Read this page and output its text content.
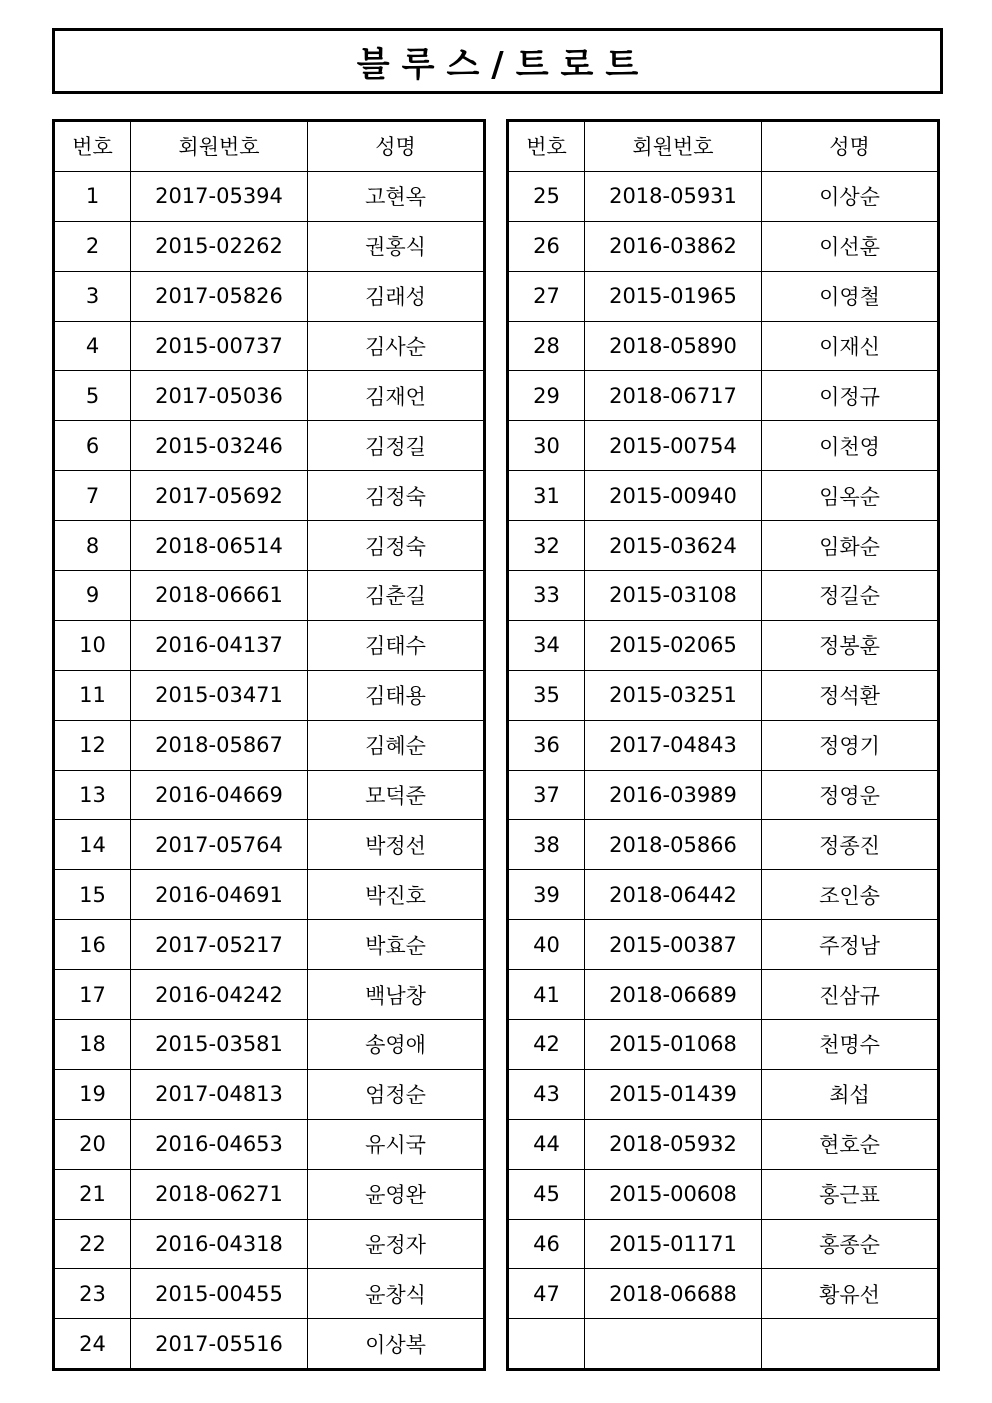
블루스/트로트
번호	회원번호	성명
1	2017-05394	고현옥
2	2015-02262	권홍식
3	2017-05826	김래성
4	2015-00737	김사순
5	2017-05036	김재언
6	2015-03246	김정길
7	2017-05692	김정숙
8	2018-06514	김정숙
9	2018-06661	김춘길
10	2016-04137	김태수
11	2015-03471	김태용
12	2018-05867	김혜순
13	2016-04669	모덕준
14	2017-05764	박정선
15	2016-04691	박진호
16	2017-05217	박효순
17	2016-04242	백남창
18	2015-03581	송영애
19	2017-04813	엄정순
20	2016-04653	유시국
21	2018-06271	윤영완
22	2016-04318	윤정자
23	2015-00455	윤창식
24	2017-05516	이상복
번호	회원번호	성명
25	2018-05931	이상순
26	2016-03862	이선훈
27	2015-01965	이영철
28	2018-05890	이재신
29	2018-06717	이정규
30	2015-00754	이천영
31	2015-00940	임옥순
32	2015-03624	임화순
33	2015-03108	정길순
34	2015-02065	정봉훈
35	2015-03251	정석환
36	2017-04843	정영기
37	2016-03989	정영운
38	2018-05866	정종진
39	2018-06442	조인송
40	2015-00387	주정남
41	2018-06689	진삼규
42	2015-01068	천명수
43	2015-01439	최섭
44	2018-05932	현호순
45	2015-00608	홍근표
46	2015-01171	홍종순
47	2018-06688	황유선
